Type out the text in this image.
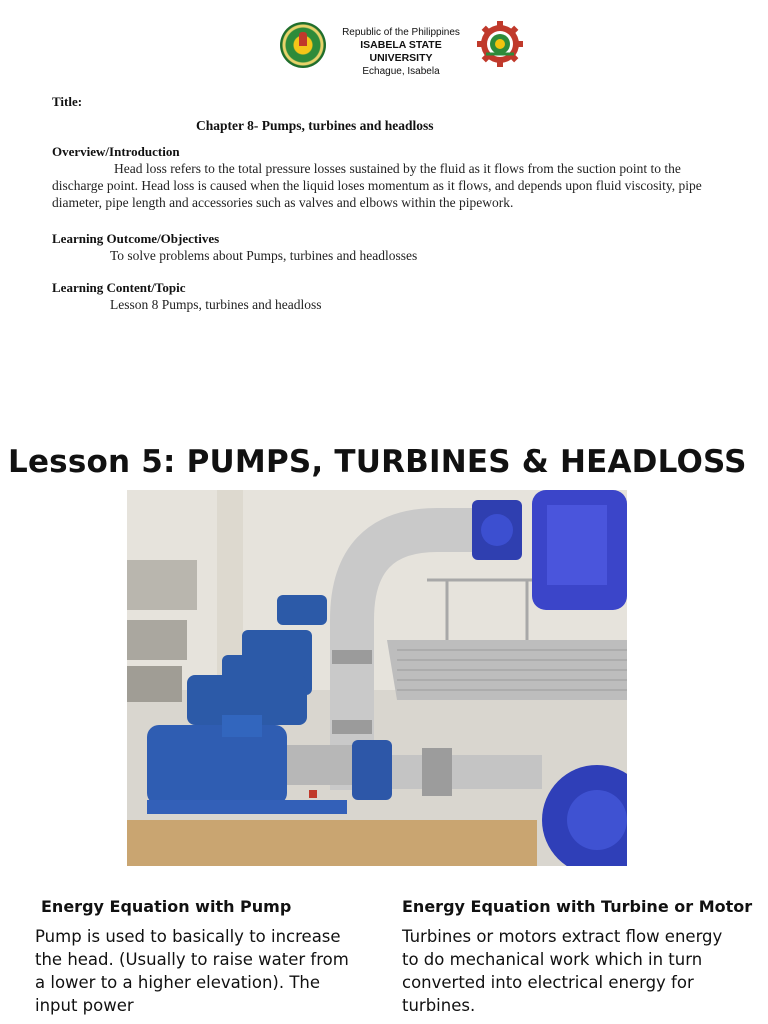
Republic of the Philippines
ISABELA STATE UNIVERSITY
Echague, Isabela
Title:
Chapter 8- Pumps, turbines and headloss
Overview/Introduction
Head loss refers to the total pressure losses sustained by the fluid as it flows from the suction point to the discharge point. Head loss is caused when the liquid loses momentum as it flows, and depends upon fluid viscosity, pipe diameter, pipe length and accessories such as valves and elbows within the pipework.
Learning Outcome/Objectives
To solve problems about Pumps, turbines and headlosses
Learning Content/Topic
Lesson 8 Pumps, turbines and headloss
Lesson 5: PUMPS, TURBINES & HEADLOSS
Energy Equation with Pump
Pump is used to basically to increase the head. (Usually to raise water from a lower to a higher elevation). The input power
Energy Equation with Turbine or Motor
Turbines or motors extract flow energy to do mechanical work which in turn converted into electrical energy for turbines.
